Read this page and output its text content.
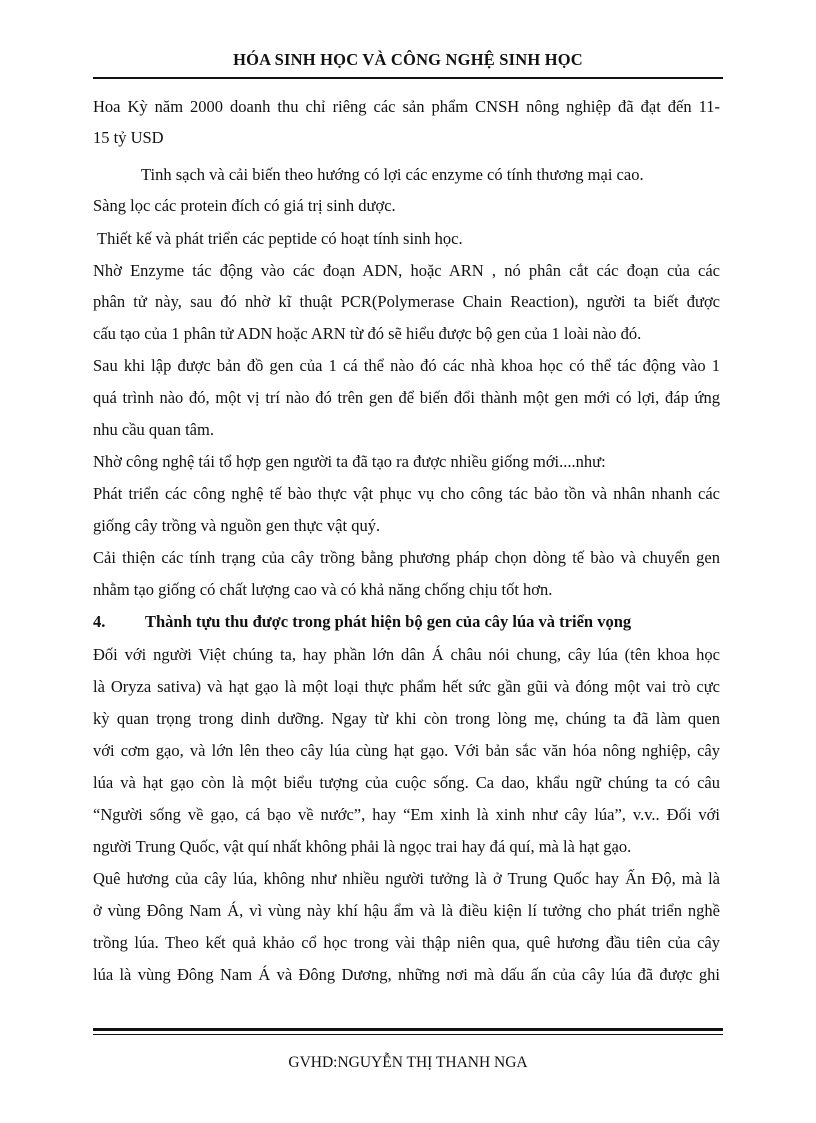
HÓA SINH HỌC VÀ CÔNG NGHỆ SINH HỌC
Hoa Kỳ năm 2000 doanh thu chỉ riêng các sản phẩm CNSH nông nghiệp đã đạt đến 11-
15 tỷ USD
Tinh sạch và cải biến theo hướng có lợi các enzyme có tính thương mại cao.
Sàng lọc các protein đích có giá trị sinh dược.
Thiết kế và phát triển các peptide có hoạt tính sinh học.
Nhờ Enzyme tác động vào các đoạn ADN, hoặc ARN , nó phân cắt các đoạn của các
phân tử này, sau đó nhờ kĩ thuật PCR(Polymerase Chain Reaction), người ta biết được
cấu tạo của 1 phân tử ADN hoặc ARN từ đó sẽ hiểu được bộ gen của 1 loài nào đó.
Sau khi lập được bản đồ gen của 1 cá thể nào đó các nhà khoa học có thể tác động vào 1
quá trình nào đó, một vị trí nào đó trên gen để biến đổi thành một gen mới có lợi, đáp ứng
nhu cầu quan tâm.
Nhờ công nghệ tái tổ hợp gen người ta đã tạo ra được nhiều giống mới....như:
Phát triển các công nghệ tế bào thực vật phục vụ cho công tác bảo tồn và nhân nhanh các
giống cây trồng và nguồn gen thực vật quý.
Cải thiện các tính trạng của cây trồng bằng phương pháp chọn dòng tế bào và chuyển gen
nhằm tạo giống có chất lượng cao và có khả năng chống chịu tốt hơn.
4. Thành tựu thu được trong phát hiện bộ gen của cây lúa và triển vọng
Đối với người Việt chúng ta, hay phần lớn dân Á châu nói chung, cây lúa (tên khoa học
là Oryza sativa) và hạt gạo là một loại thực phẩm hết sức gần gũi và đóng một vai trò cực
kỳ quan trọng trong dinh dưỡng. Ngay từ khi còn trong lòng mẹ, chúng ta đã làm quen
với cơm gạo, và lớn lên theo cây lúa cùng hạt gạo. Với bản sắc văn hóa nông nghiệp, cây
lúa và hạt gạo còn là một biểu tượng của cuộc sống. Ca dao, khẩu ngữ chúng ta có câu
“Người sống về gạo, cá bạo về nước”, hay “Em xinh là xinh như cây lúa”, v.v.. Đối với
người Trung Quốc, vật quí nhất không phải là ngọc trai hay đá quí, mà là hạt gạo.
Quê hương của cây lúa, không như nhiều người tưởng là ở Trung Quốc hay Ấn Độ, mà là
ở vùng Đông Nam Á, vì vùng này khí hậu ẩm và là điều kiện lí tưởng cho phát triển nghề
trồng lúa. Theo kết quả khảo cổ học trong vài thập niên qua, quê hương đầu tiên của cây
lúa là vùng Đông Nam Á và Đông Dương, những nơi mà dấu ấn của cây lúa đã được ghi
GVHD:NGUYỄN THỊ THANH NGA
